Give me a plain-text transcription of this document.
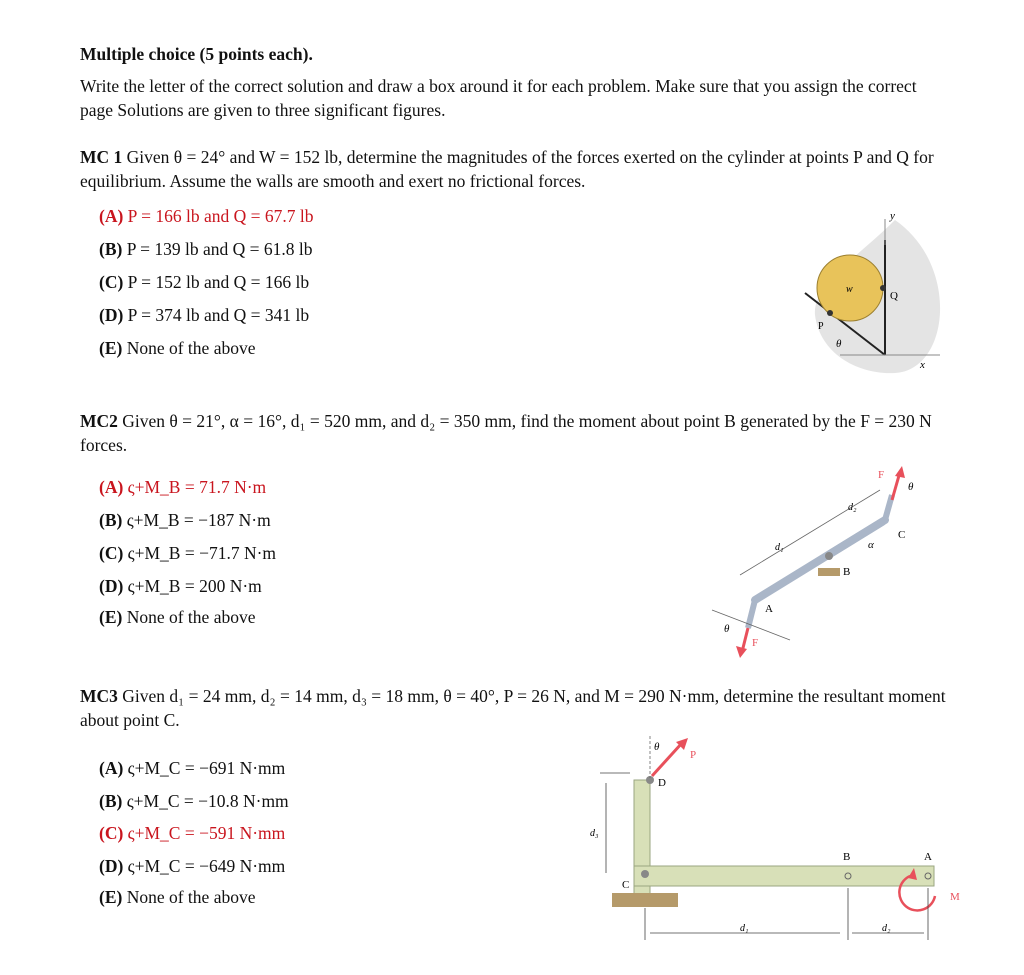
Multiple choice (5 points each).
Write the letter of the correct solution and draw a box around it for each problem. Make sure that you assign the correct page Solutions are given to three significant figures.
MC 1 Given θ = 24° and W = 152 lb, determine the magnitudes of the forces exerted on the cylinder at points P and Q for equilibrium. Assume the walls are smooth and exert no frictional forces.
(A) P = 166 lb and Q = 67.7 lb
(B) P = 139 lb and Q = 61.8 lb
(C) P = 152 lb and Q = 166 lb
(D) P = 374 lb and Q = 341 lb
(E) None of the above
y
w
Q
P
θ
x
MC2 Given θ = 21°, α = 16°, d₁ = 520 mm, and d₂ = 350 mm, find the moment about point B generated by the F = 230 N forces.
(A) ς+M_B = 71.7 N·m
(B) ς+M_B = −187 N·m
(C) ς+M_B = −71.7 N·m
(D) ς+M_B = 200 N·m
(E) None of the above
F
θ
d₂
C
α
d₁
B
A
θ
F
MC3 Given d₁ = 24 mm, d₂ = 14 mm, d₃ = 18 mm, θ = 40°, P = 26 N, and M = 290 N·mm, determine the resultant moment about point C.
(A) ς+M_C = −691 N·mm
(B) ς+M_C = −10.8 N·mm
(C) ς+M_C = −591 N·mm
(D) ς+M_C = −649 N·mm
(E) None of the above
θ
P
D
d₃
C
B	A
M
d₁	d₂
